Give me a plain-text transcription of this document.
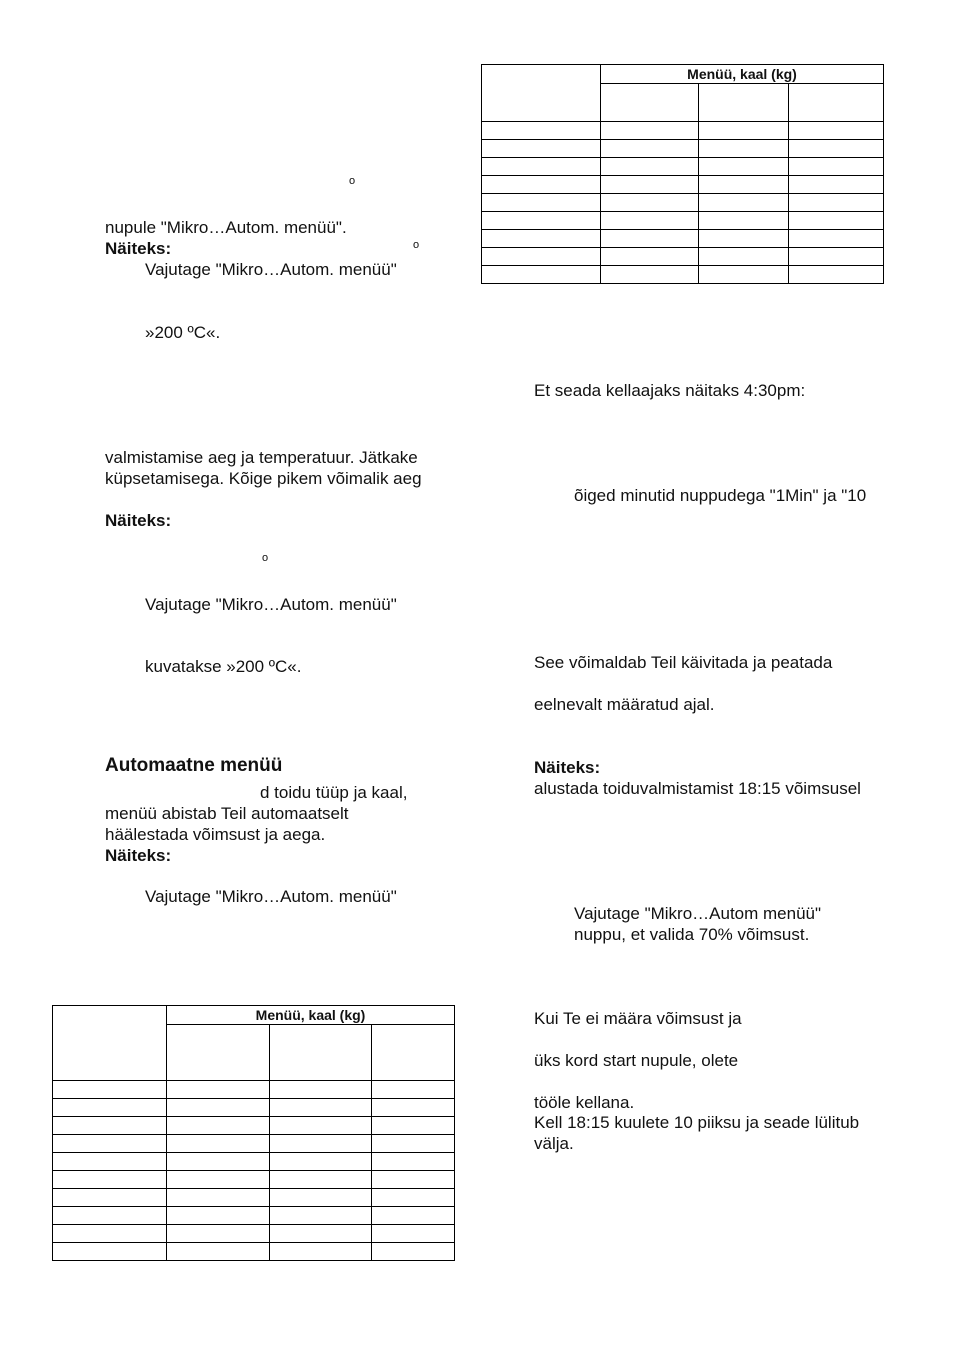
o
nupule "Mikro…Autom. menüü".
Näiteks:	o
Vajutage "Mikro…Autom. menüü"
»200 ºC«.
valmistamise aeg ja temperatuur. Jätkake
küpsetamisega. Kõige pikem võimalik aeg
Näiteks:
o
Vajutage "Mikro…Autom. menüü"
kuvatakse »200 ºC«.
Automaatne menüü
d toidu tüüp ja kaal,
menüü abistab Teil automaatselt
häälestada võimsust ja aega.
Näiteks:
Vajutage "Mikro…Autom. menüü"
Et seada kellaajaks näitaks 4:30pm:
õiged minutid nuppudega "1Min" ja "10
See võimaldab Teil käivitada ja peatada
eelnevalt määratud ajal.
Näiteks:
alustada toiduvalmistamist 18:15 võimsusel
Vajutage "Mikro…Autom menüü"
nuppu, et valida 70% võimsust.
Kui Te ei määra võimsust ja
üks kord start nupule, olete
tööle kellana.
Kell 18:15 kuulete 10 piiksu ja seade lülitub
välja.
	Menüü, kaal (kg)		

	Menüü, kaal (kg)		
